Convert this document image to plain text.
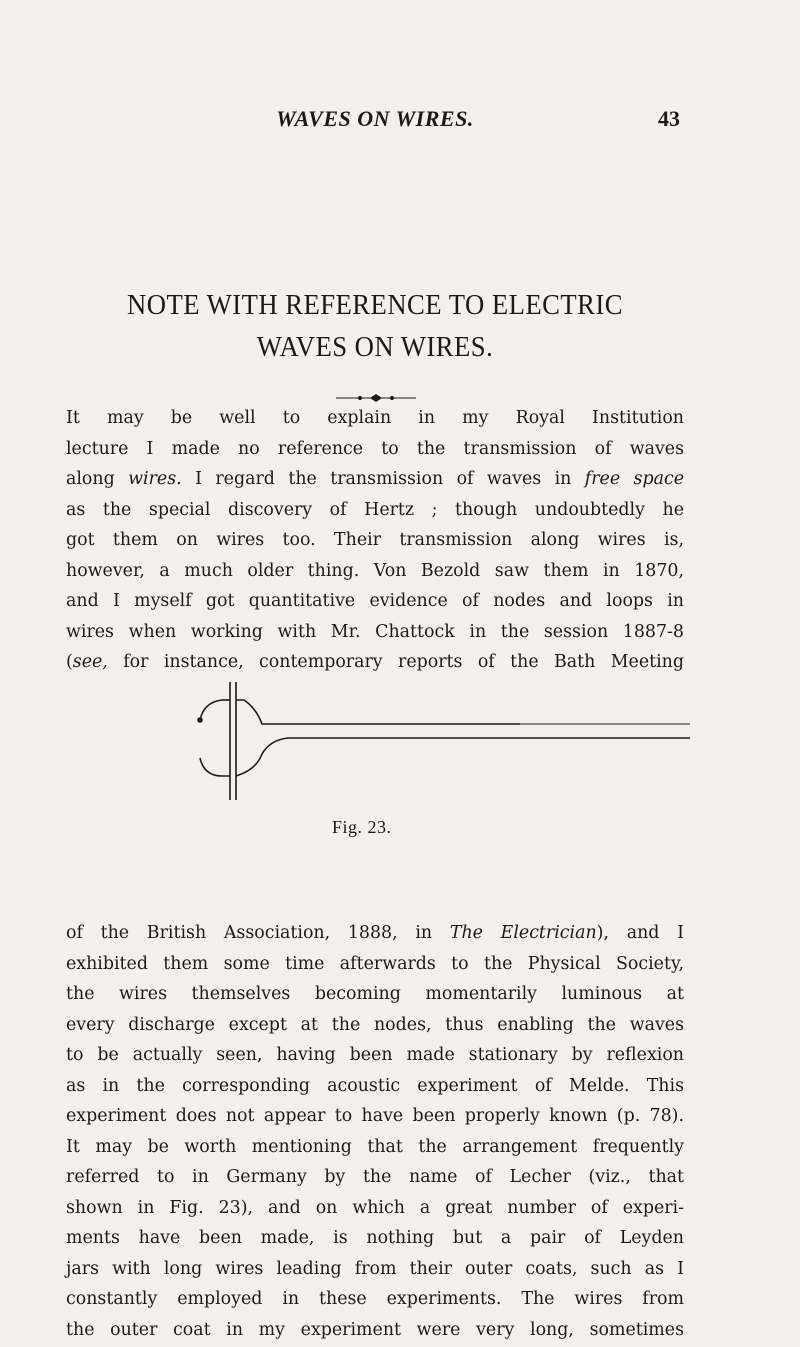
WAVES ON WIRES.	43
NOTE WITH REFERENCE TO ELECTRIC
WAVES ON WIRES.

It may be well to explain in my Royal Institution

lecture I made no reference to the transmission of waves

along wires. I regard the transmission of waves in free space

as the special discovery of Hertz ; though undoubtedly he

got them on wires too. Their transmission along wires is,

however, a much older thing. Von Bezold saw them in 1870,

and I myself got quantitative evidence of nodes and loops in

wires when working with Mr. Chattock in the session 1887-8

(see, for instance, contemporary reports of the Bath Meeting

Fig. 23.

of the British Association, 1888, in The Electrician), and I

exhibited them some time afterwards to the Physical Society,

the wires themselves becoming momentarily luminous at

every discharge except at the nodes, thus enabling the waves

to be actually seen, having been made stationary by reflexion

as in the corresponding acoustic experiment of Melde. This

experiment does not appear to have been properly known (p. 78).

It may be worth mentioning that the arrangement frequently

referred to in Germany by the name of Lecher (viz., that

shown in Fig. 23), and on which a great number of experi-

ments have been made, is nothing but a pair of Leyden

jars with long wires leading from their outer coats, such as I

constantly employed in these experiments. The wires from

the outer coat in my experiment were very long, sometimes
